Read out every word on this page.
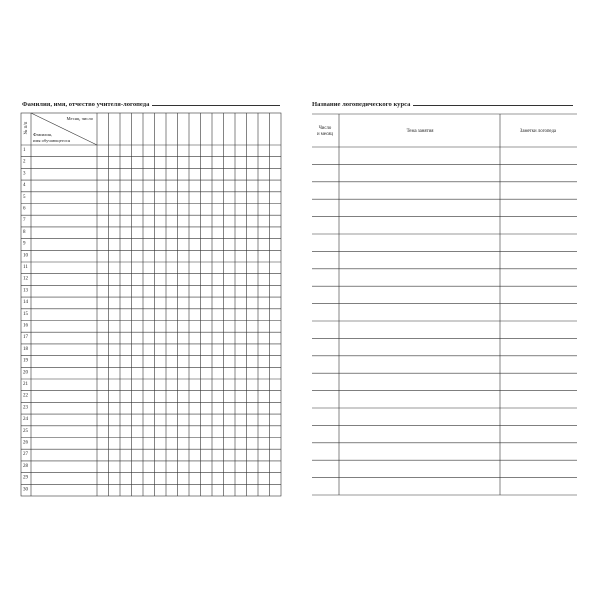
Фамилия, имя, отчество учителя-логопеда
1
2
3
4
5
6
7
8
9
10
11
12
13
14
15
16
17
18
19
20
21
22
23
24
25
26
27
28
29
30
№ п/п
Месяц, число
Фамилия,
имя обучающегося
Название логопедического курса
Число
и месяц
Тема занятия	Заметки логопеда
